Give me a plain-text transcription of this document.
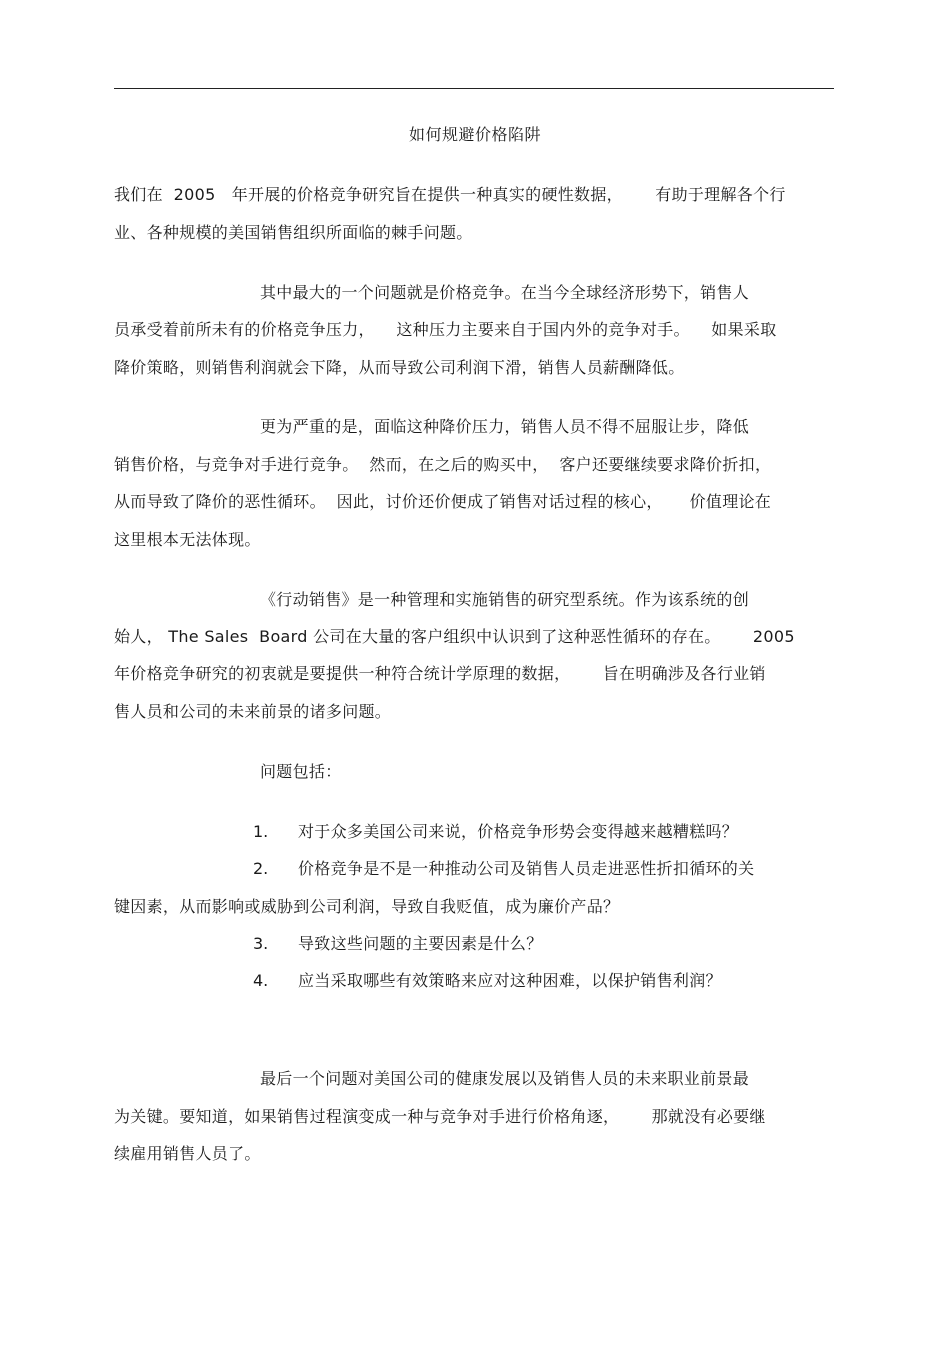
如何规避价格陷阱
我们在  2005   年开展的价格竞争研究旨在提供一种真实的硬性数据，      有助于理解各个行
业、各种规模的美国销售组织所面临的棘手问题。
其中最大的一个问题就是价格竞争。在当今全球经济形势下，销售人
员承受着前所未有的价格竞争压力，    这种压力主要来自于国内外的竞争对手。    如果采取
降价策略，则销售利润就会下降，从而导致公司利润下滑，销售人员薪酬降低。
更为严重的是，面临这种降价压力，销售人员不得不屈服让步，降低
销售价格，与竞争对手进行竞争。  然而，在之后的购买中，  客户还要继续要求降价折扣，
从而导致了降价的恶性循环。  因此，讨价还价便成了销售对话过程的核心，     价值理论在
这里根本无法体现。
《行动销售》是一种管理和实施销售的研究型系统。作为该系统的创
始人， The Sales  Board 公司在大量的客户组织中认识到了这种恶性循环的存在。      2005
年价格竞争研究的初衷就是要提供一种符合统计学原理的数据，      旨在明确涉及各行业销
售人员和公司的未来前景的诸多问题。
问题包括：
1. 对于众多美国公司来说，价格竞争形势会变得越来越糟糕吗？
2. 价格竞争是不是一种推动公司及销售人员走进恶性折扣循环的关
键因素，从而影响或威胁到公司利润，导致自我贬值，成为廉价产品？
3. 导致这些问题的主要因素是什么？
4. 应当采取哪些有效策略来应对这种困难，以保护销售利润？
最后一个问题对美国公司的健康发展以及销售人员的未来职业前景最
为关键。要知道，如果销售过程演变成一种与竞争对手进行价格角逐，      那就没有必要继
续雇用销售人员了。
